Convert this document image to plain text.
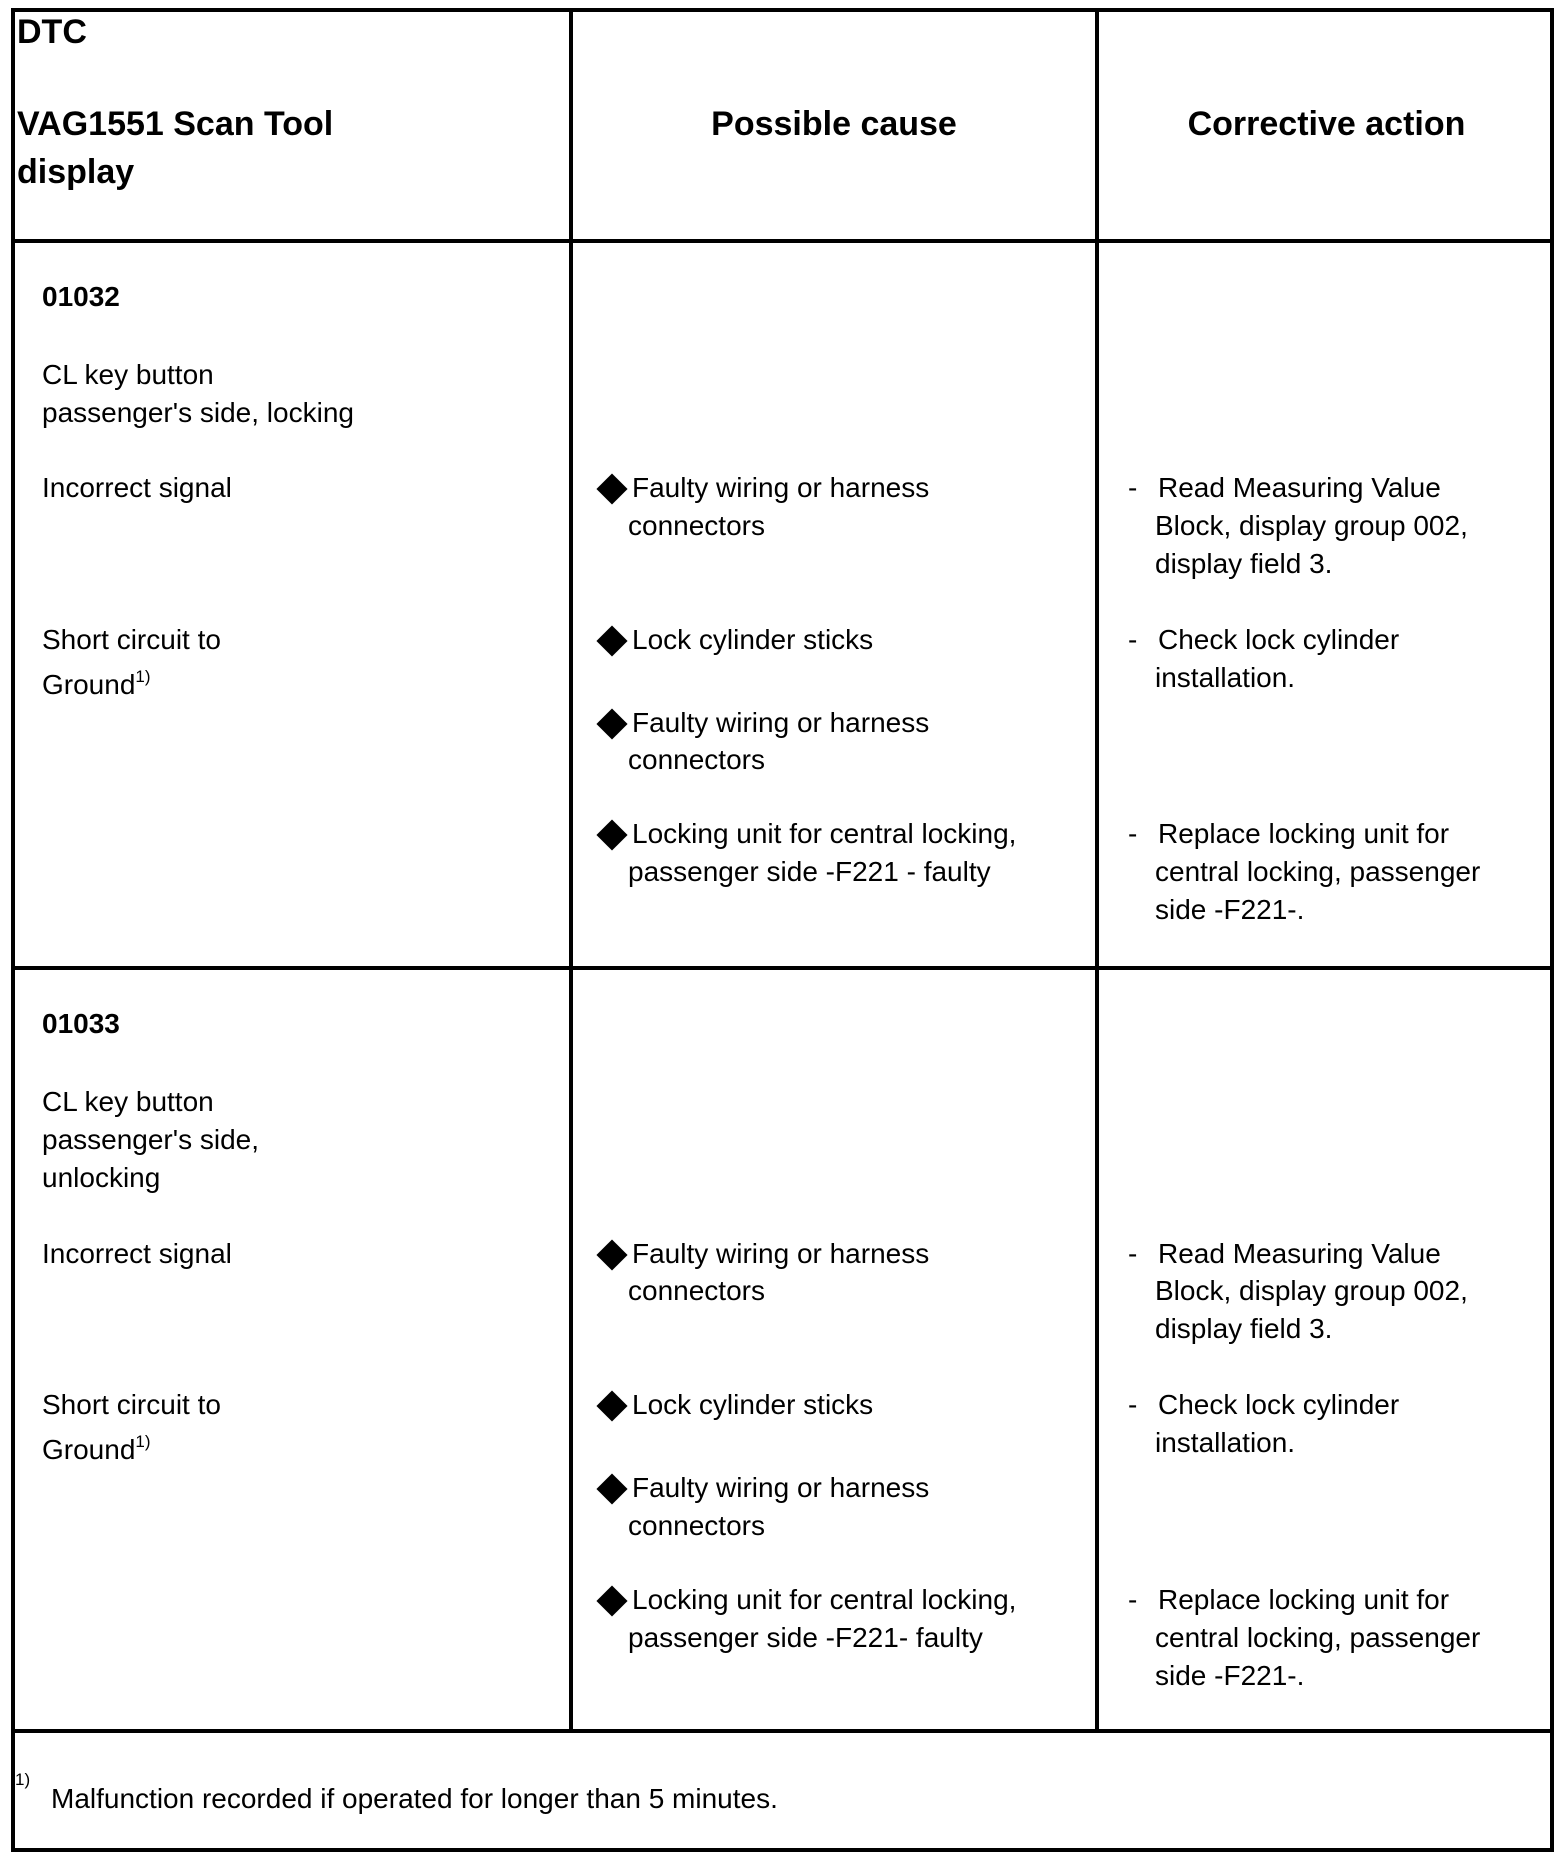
DTC
VAG1551 Scan Tool
display
Possible cause	Corrective action
01032
CL key button
passenger's side, locking
Incorrect signal
Short circuit to
Ground$^{1)}$
Faulty wiring or harness
connectors
Lock cylinder sticks
Faulty wiring or harness
connectors
Locking unit for central locking,
passenger side -F221 - faulty
- Read Measuring Value
Block, display group 002,
display field 3.
- Check lock cylinder
installation.
- Replace locking unit for
central locking, passenger
side -F221-.
01033
CL key button
passenger's side,
unlocking
Incorrect signal
Short circuit to
Ground$^{1)}$
Faulty wiring or harness
connectors
Lock cylinder sticks
Faulty wiring or harness
connectors
Locking unit for central locking,
passenger side -F221- faulty
- Read Measuring Value
Block, display group 002,
display field 3.
- Check lock cylinder
installation.
- Replace locking unit for
central locking, passenger
side -F221-.
1)
Malfunction recorded if operated for longer than 5 minutes.
